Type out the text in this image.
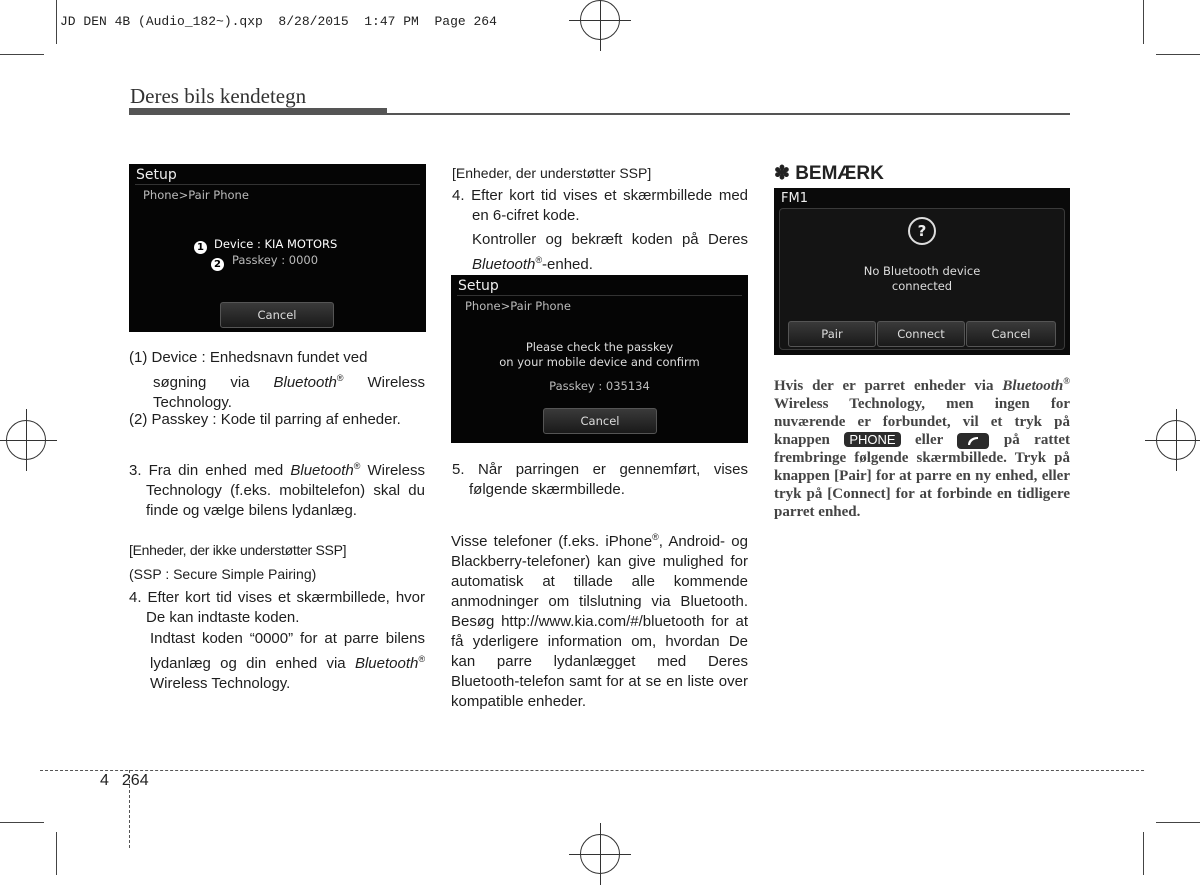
JD DEN 4B (Audio_182~).qxp  8/28/2015  1:47 PM  Page 264
Deres bils kendetegn
Setup
Phone>Pair Phone
1 Device : KIA MOTORS
2 Passkey : 0000
Cancel
(1) Device : Enhedsnavn fundet ved
søgning via Bluetooth® Wireless
Technology.
(2) Passkey : Kode til parring af enheder.
3. Fra din enhed med Bluetooth® Wireless Technology (f.eks. mobiltelefon) skal du finde og vælge bilens lydanlæg.
[Enheder, der ikke understøtter SSP]
(SSP : Secure Simple Pairing)
4. Efter kort tid vises et skærmbillede, hvor De kan indtaste koden.
Indtast koden “0000” for at parre bilens lydanlæg og din enhed via Bluetooth® Wireless Technology.
[Enheder, der understøtter SSP]
4. Efter kort tid vises et skærmbillede med en 6-cifret kode.
Kontroller og bekræft koden på Deres Bluetooth®-enhed.
Setup
Phone>Pair Phone
Please check the passkey
on your mobile device and confirm
Passkey : 035134
Cancel
5. Når parringen er gennemført, vises følgende skærmbillede.
Visse telefoner (f.eks. iPhone®, Android- og Blackberry-telefoner) kan give mulighed for automatisk at tillade alle kommende anmodninger om tilslutning via Bluetooth. Besøg http://www.kia.com/#/bluetooth for at få yderligere information om, hvordan De kan parre lydanlægget med Deres Bluetooth-telefon samt for at se en liste over kompatible enheder.
✽ BEMÆRK
FM1
?
No Bluetooth device
connected
Pair	Connect	Cancel
Hvis der er parret enheder via Bluetooth® Wireless Technology, men ingen for nuværende er forbundet, vil et tryk på knappen PHONE eller	på rattet frembringe følgende skærmbillede. Tryk på knappen [Pair] for at parre en ny enhed, eller tryk på [Connect] for at forbinde en tidligere parret enhed.
4 264
